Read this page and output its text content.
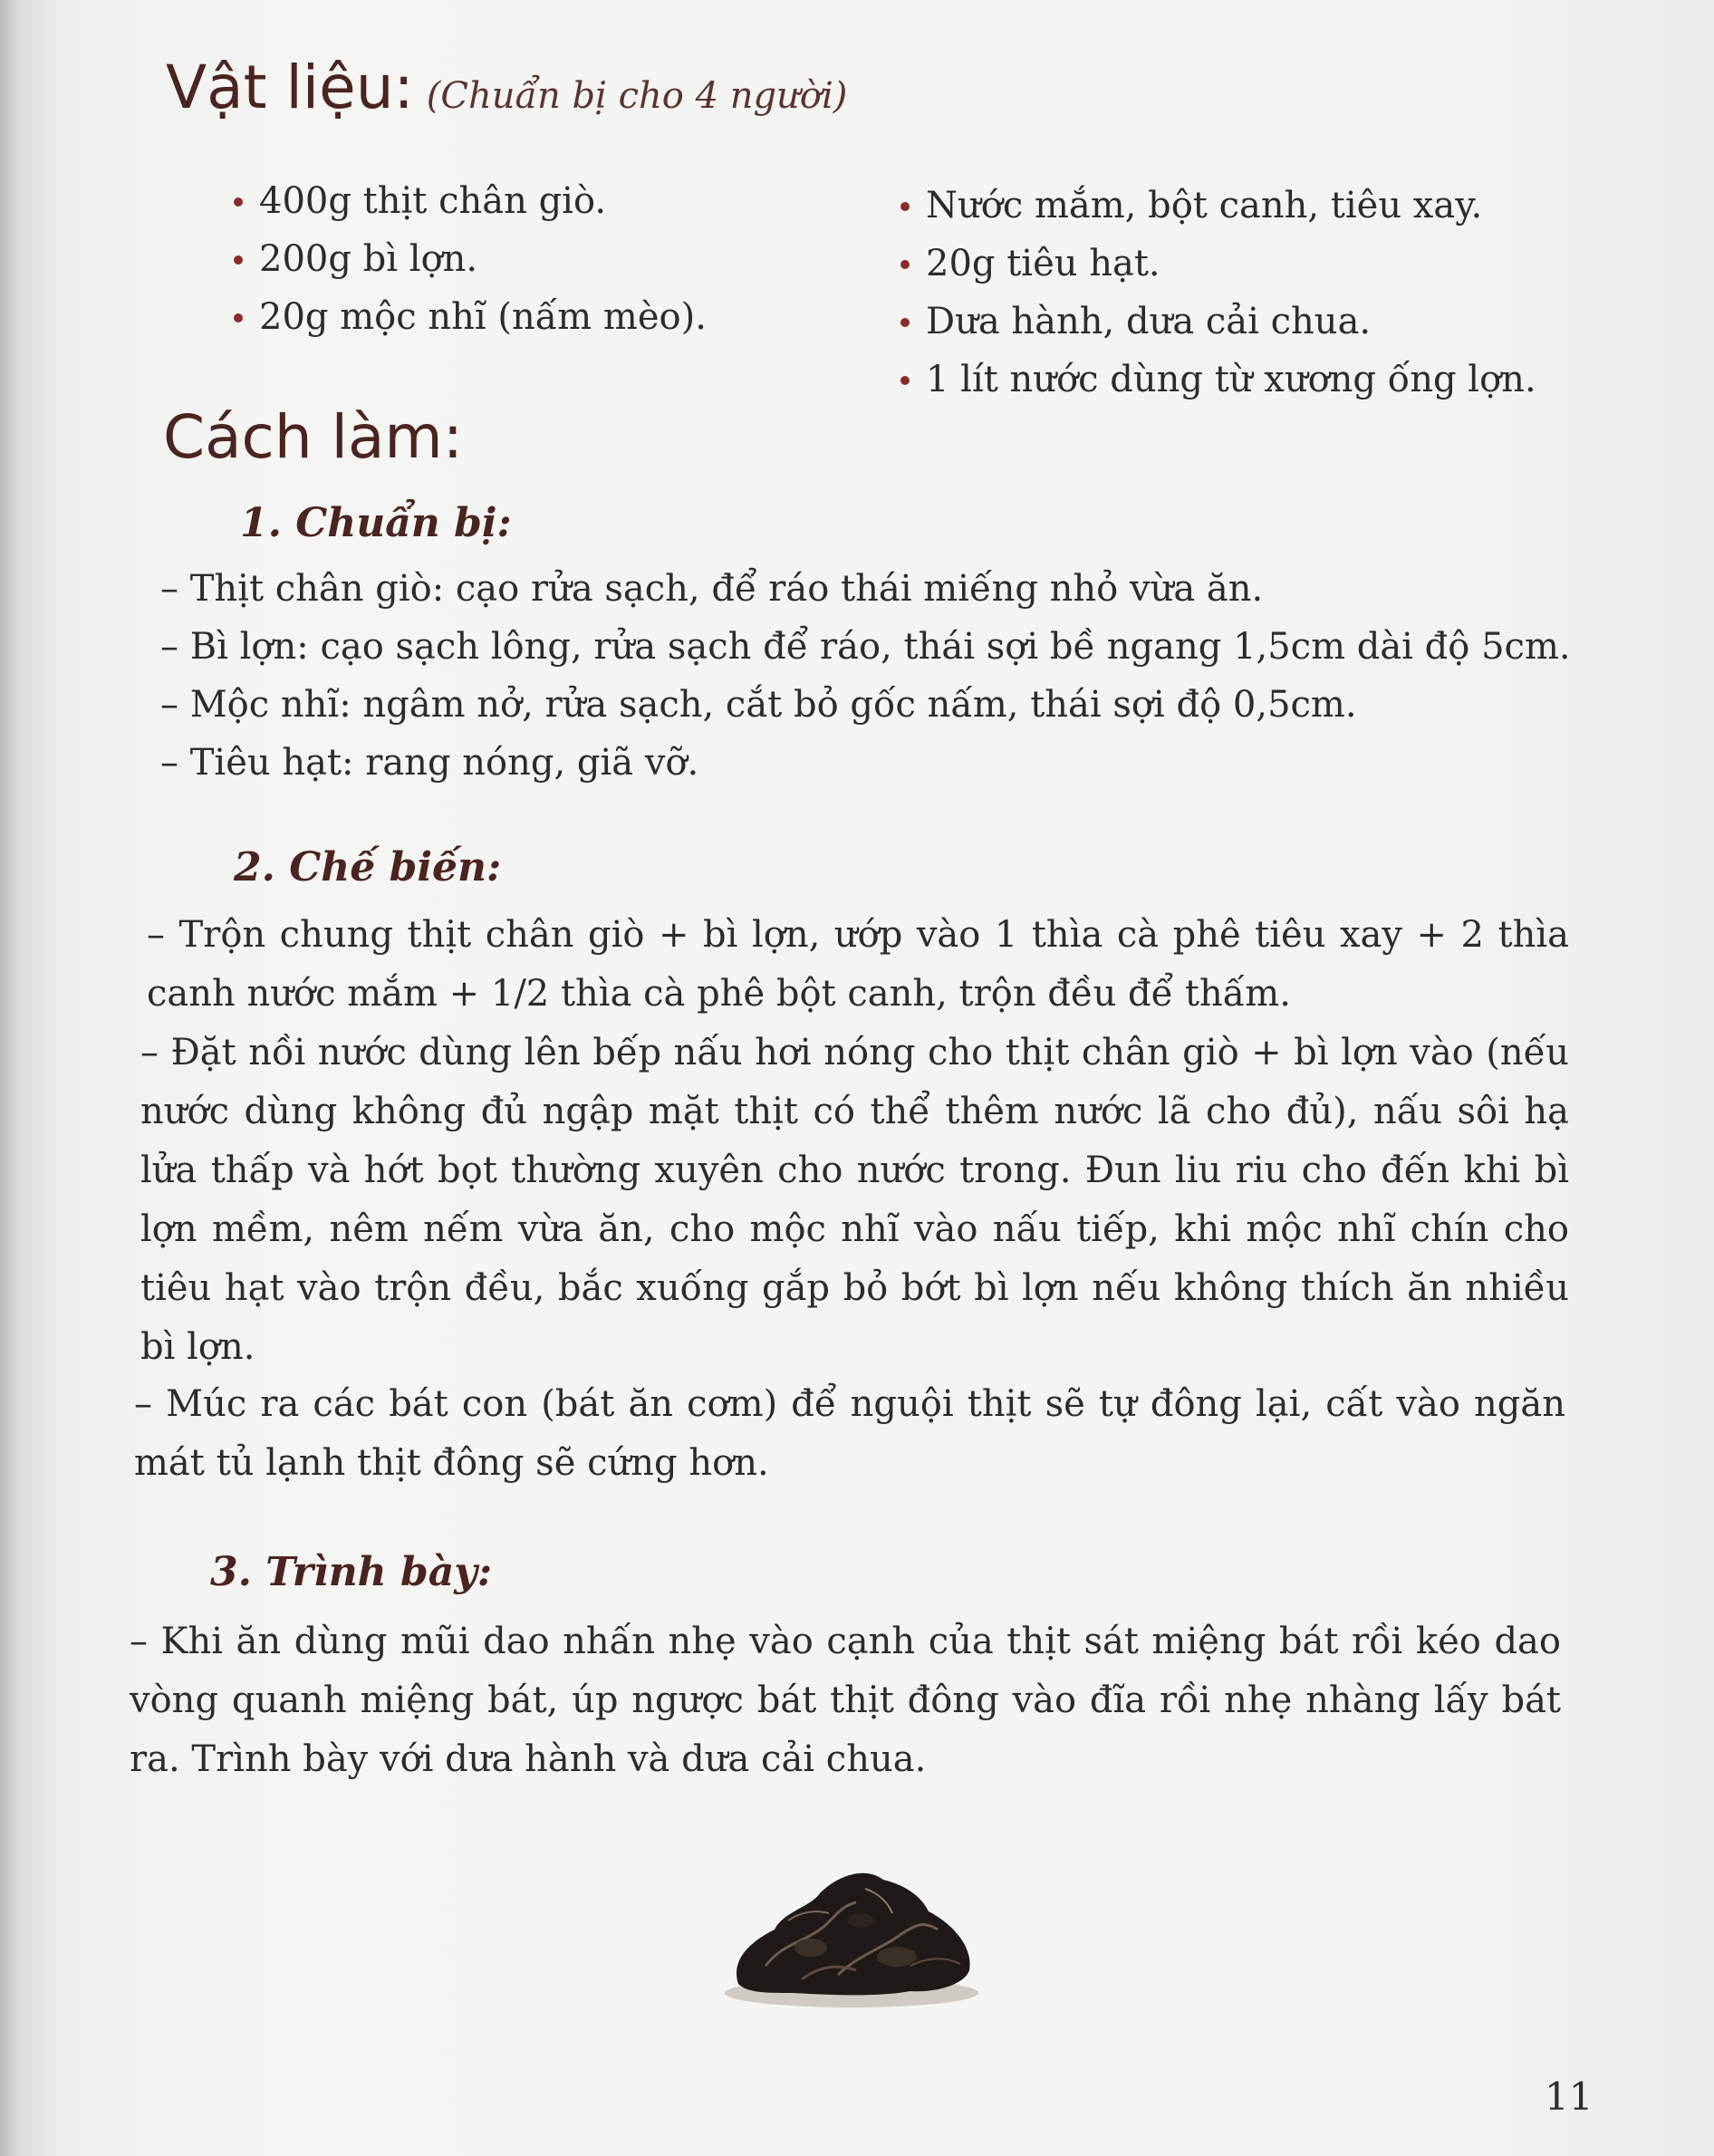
Vật liệu: (Chuẩn bị cho 4 người)
400g thịt chân giò.
200g bì lợn.
20g mộc nhĩ (nấm mèo).
Nước mắm, bột canh, tiêu xay.
20g tiêu hạt.
Dưa hành, dưa cải chua.
1 lít nước dùng từ xương ống lợn.
Cách làm:
1. Chuẩn bị:
– Thịt chân giò: cạo rửa sạch, để ráo thái miếng nhỏ vừa ăn.
– Bì lợn: cạo sạch lông, rửa sạch để ráo, thái sợi bề ngang 1,5cm dài độ 5cm.
– Mộc nhĩ: ngâm nở, rửa sạch, cắt bỏ gốc nấm, thái sợi độ 0,5cm.
– Tiêu hạt: rang nóng, giã vỡ.
2. Chế biến:

– Trộn chung thịt chân giò + bì lợn, ướp vào 1 thìa cà phê tiêu xay + 2 thìa canh nước mắm + 1/2 thìa cà phê bột canh, trộn đều để thấm.

– Đặt nồi nước dùng lên bếp nấu hơi nóng cho thịt chân giò + bì lợn vào (nếu nước dùng không đủ ngập mặt thịt có thể thêm nước lã cho đủ), nấu sôi hạ lửa thấp và hớt bọt thường xuyên cho nước trong. Đun liu riu cho đến khi bì lợn mềm, nêm nếm vừa ăn, cho mộc nhĩ vào nấu tiếp, khi mộc nhĩ chín cho tiêu hạt vào trộn đều, bắc xuống gắp bỏ bớt bì lợn nếu không thích ăn nhiều bì lợn.

– Múc ra các bát con (bát ăn cơm) để nguội thịt sẽ tự đông lại, cất vào ngăn mát tủ lạnh thịt đông sẽ cứng hơn.

3. Trình bày:

– Khi ăn dùng mũi dao nhấn nhẹ vào cạnh của thịt sát miệng bát rồi kéo dao vòng quanh miệng bát, úp ngược bát thịt đông vào đĩa rồi nhẹ nhàng lấy bát ra. Trình bày với dưa hành và dưa cải chua.

11
